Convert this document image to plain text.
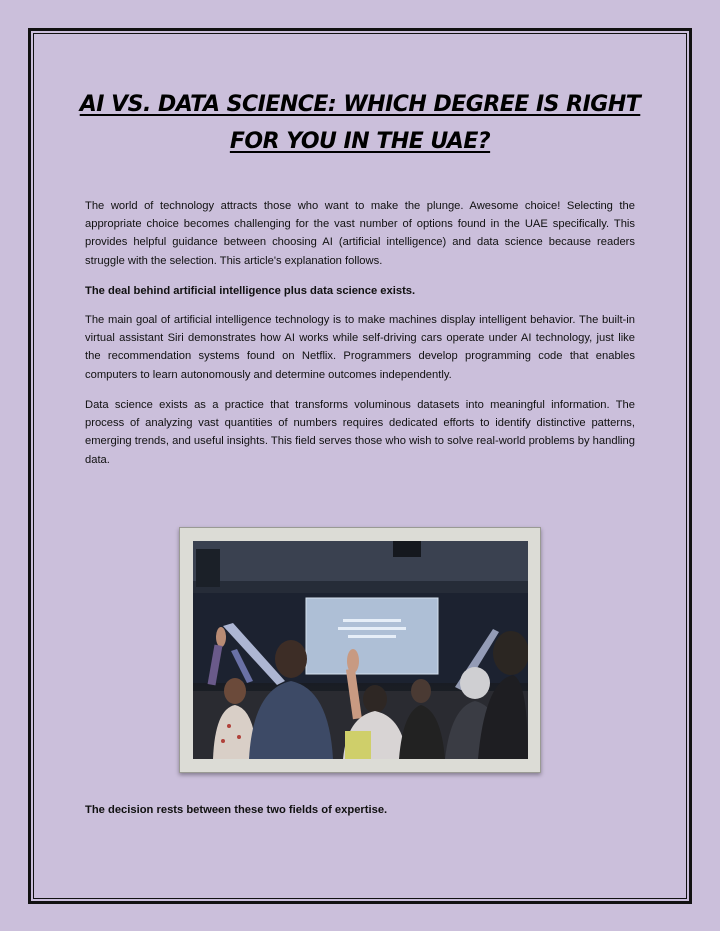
AI VS. DATA SCIENCE: WHICH DEGREE IS RIGHT FOR YOU IN THE UAE?

The world of technology attracts those who want to make the plunge. Awesome choice! Selecting the appropriate choice becomes challenging for the vast number of options found in the UAE specifically. This provides helpful guidance between choosing AI (artificial intelligence) and data science because readers struggle with the selection. This article's explanation follows.

The deal behind artificial intelligence plus data science exists.

The main goal of artificial intelligence technology is to make machines display intelligent behavior. The built-in virtual assistant Siri demonstrates how AI works while self-driving cars operate under AI technology, just like the recommendation systems found on Netflix. Programmers develop programming code that enables computers to learn autonomously and determine outcomes independently.

Data science exists as a practice that transforms voluminous datasets into meaningful information. The process of analyzing vast quantities of numbers requires dedicated efforts to identify distinctive patterns, emerging trends, and useful insights. This field serves those who wish to solve real-world problems by handling data.

The decision rests between these two fields of expertise.
